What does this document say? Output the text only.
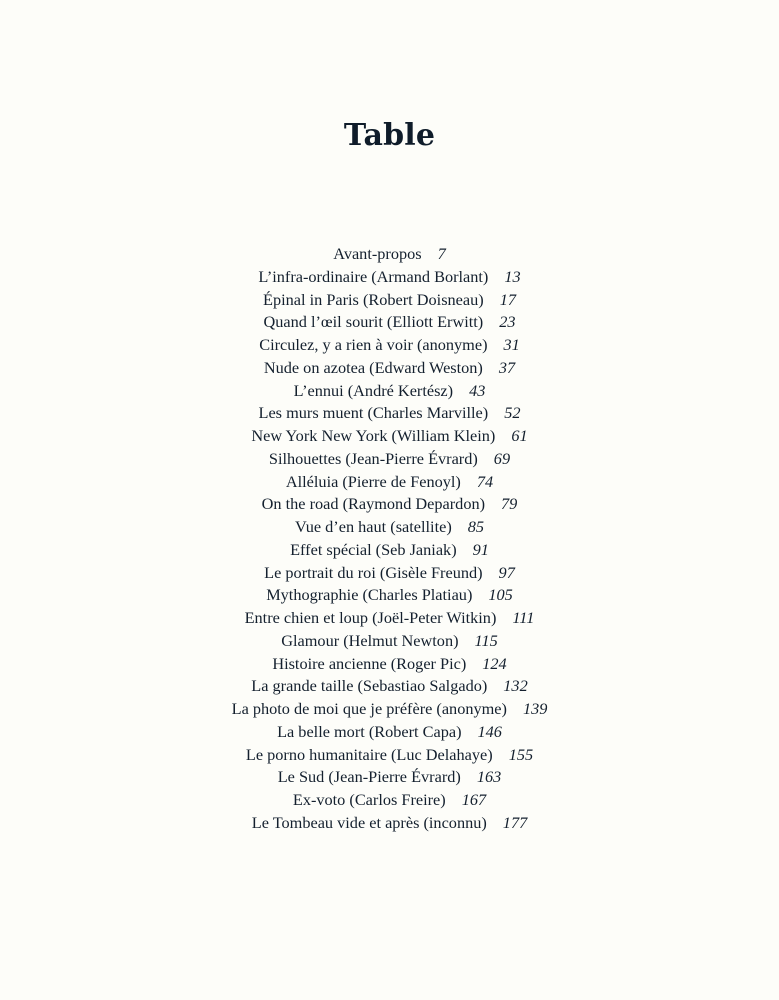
Table
Avant-propos 7
L’infra-ordinaire (Armand Borlant) 13
Épinal in Paris (Robert Doisneau) 17
Quand l’œil sourit (Elliott Erwitt) 23
Circulez, y a rien à voir (anonyme) 31
Nude on azotea (Edward Weston) 37
L’ennui (André Kertész) 43
Les murs muent (Charles Marville) 52
New York New York (William Klein) 61
Silhouettes (Jean-Pierre Évrard) 69
Alléluia (Pierre de Fenoyl) 74
On the road (Raymond Depardon) 79
Vue d’en haut (satellite) 85
Effet spécial (Seb Janiak) 91
Le portrait du roi (Gisèle Freund) 97
Mythographie (Charles Platiau) 105
Entre chien et loup (Joël-Peter Witkin) 111
Glamour (Helmut Newton) 115
Histoire ancienne (Roger Pic) 124
La grande taille (Sebastiao Salgado) 132
La photo de moi que je préfère (anonyme) 139
La belle mort (Robert Capa) 146
Le porno humanitaire (Luc Delahaye) 155
Le Sud (Jean-Pierre Évrard) 163
Ex-voto (Carlos Freire) 167
Le Tombeau vide et après (inconnu) 177
